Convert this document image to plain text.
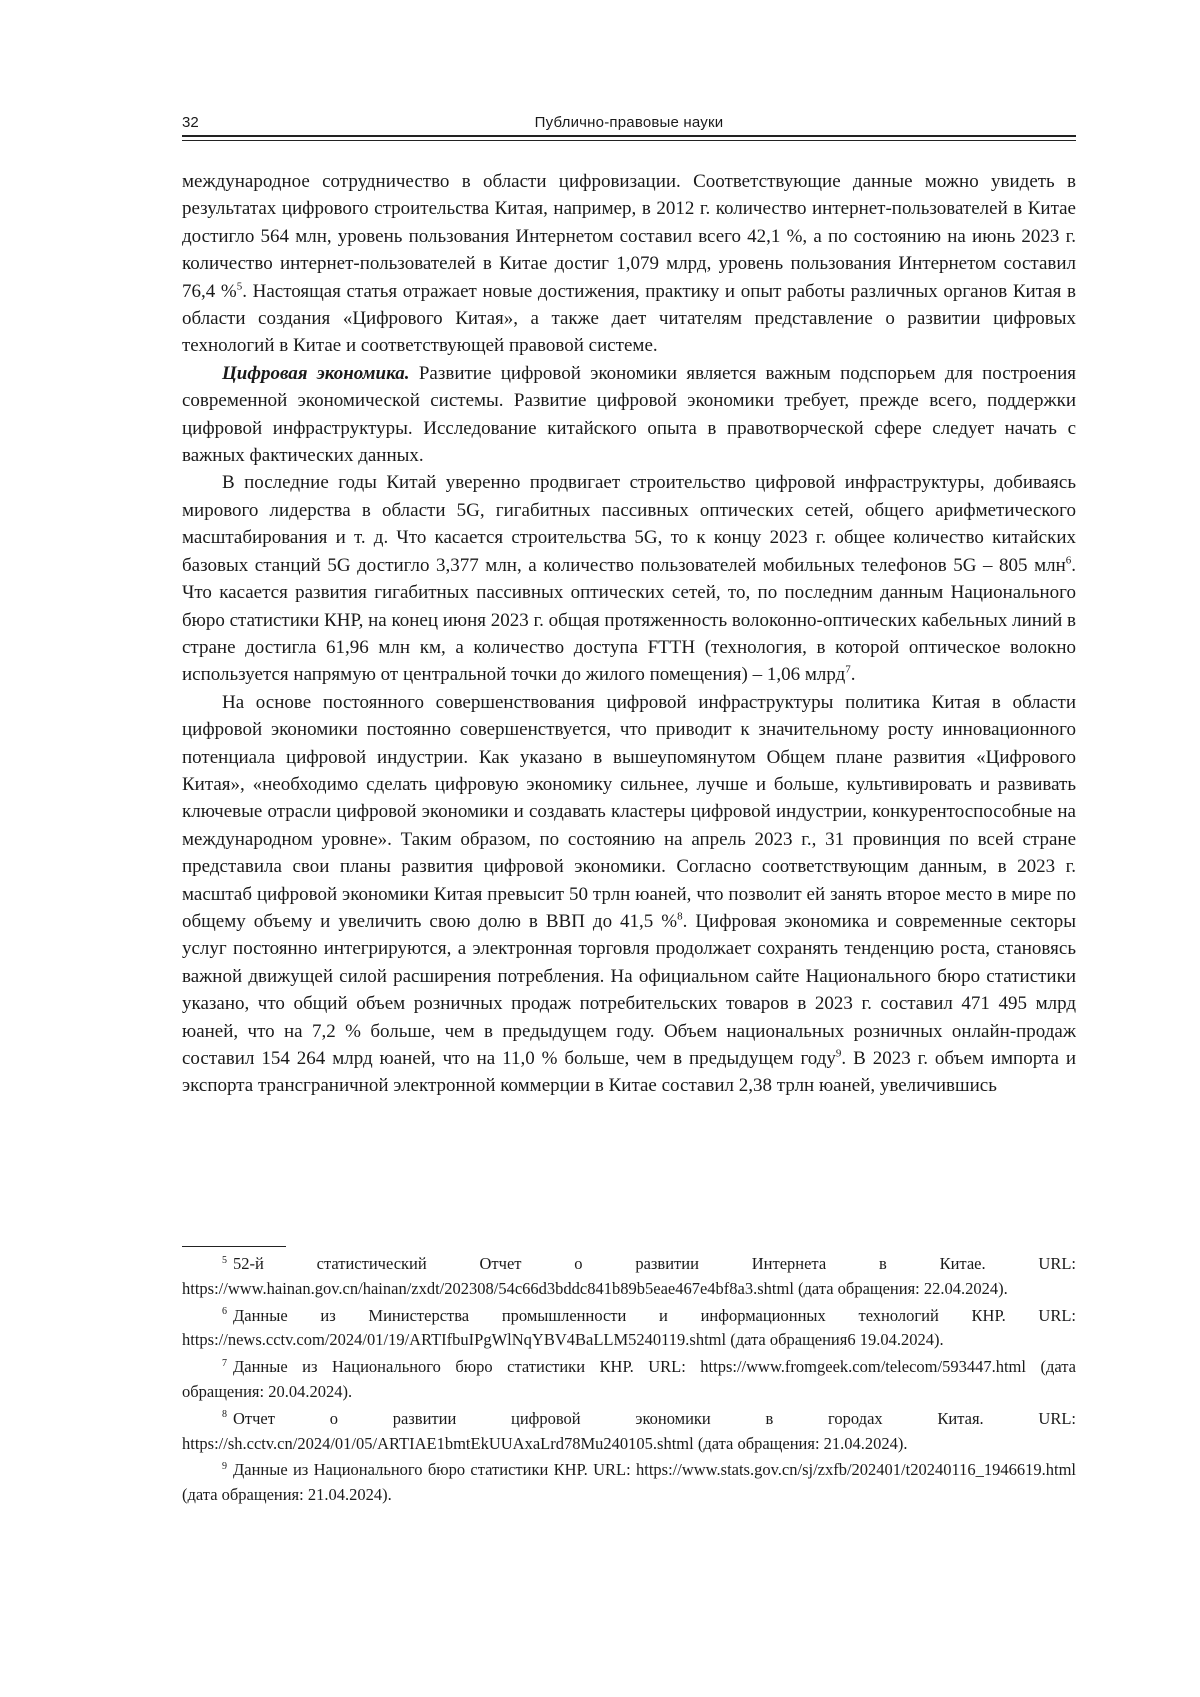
32	Публично-правовые науки

международное сотрудничество в области цифровизации. Соответствующие данные можно увидеть в результатах цифрового строительства Китая, например, в 2012 г. количество интернет-пользователей в Китае достигло 564 млн, уровень пользования Интернетом составил всего 42,1 %, а по состоянию на июнь 2023 г. количество интернет-пользователей в Китае достиг 1,079 млрд, уровень пользования Интернетом составил 76,4 %$^5$. Настоящая статья отражает новые достижения, практику и опыт работы различных органов Китая в области создания «Цифрового Китая», а также дает читателям представление о развитии цифровых технологий в Китае и соответствующей правовой системе.

Цифровая экономика. Развитие цифровой экономики является важным подспорьем для построения современной экономической системы. Развитие цифровой экономики требует, прежде всего, поддержки цифровой инфраструктуры. Исследование китайского опыта в правотворческой сфере следует начать с важных фактических данных.

В последние годы Китай уверенно продвигает строительство цифровой инфраструктуры, добиваясь мирового лидерства в области 5G, гигабитных пассивных оптических сетей, общего арифметического масштабирования и т. д. Что касается строительства 5G, то к концу 2023 г. общее количество китайских базовых станций 5G достигло 3,377 млн, а количество пользователей мобильных телефонов 5G – 805 млн$^6$. Что касается развития гигабитных пассивных оптических сетей, то, по последним данным Национального бюро статистики КНР, на конец июня 2023 г. общая протяженность волоконно-оптических кабельных линий в стране достигла 61,96 млн км, а количество доступа FTTH (технология, в которой оптическое волокно используется напрямую от центральной точки до жилого помещения) – 1,06 млрд$^7$.

На основе постоянного совершенствования цифровой инфраструктуры политика Китая в области цифровой экономики постоянно совершенствуется, что приводит к значительному росту инновационного потенциала цифровой индустрии. Как указано в вышеупомянутом Общем плане развития «Цифрового Китая», «необходимо сделать цифровую экономику сильнее, лучше и больше, культивировать и развивать ключевые отрасли цифровой экономики и создавать кластеры цифровой индустрии, конкурентоспособные на международном уровне». Таким образом, по состоянию на апрель 2023 г., 31 провинция по всей стране представила свои планы развития цифровой экономики. Согласно соответствующим данным, в 2023 г. масштаб цифровой экономики Китая превысит 50 трлн юаней, что позволит ей занять второе место в мире по общему объему и увеличить свою долю в ВВП до 41,5 %$^8$. Цифровая экономика и современные секторы услуг постоянно интегрируются, а электронная торговля продолжает сохранять тенденцию роста, становясь важной движущей силой расширения потребления. На официальном сайте Национального бюро статистики указано, что общий объем розничных продаж потребительских товаров в 2023 г. составил 471 495 млрд юаней, что на 7,2 % больше, чем в предыдущем году. Объем национальных розничных онлайн-продаж составил 154 264 млрд юаней, что на 11,0 % больше, чем в предыдущем году$^9$. В 2023 г. объем импорта и экспорта трансграничной электронной коммерции в Китае составил 2,38 трлн юаней, увеличившись

$^5$ 52-й статистический Отчет о развитии Интернета в Китае. URL: https://www.hainan.gov.cn/hainan/zxdt/202308/54c66d3bddc841b89b5eae467e4bf8a3.shtml (дата обращения: 22.04.2024).

$^6$ Данные из Министерства промышленности и информационных технологий КНР. URL: https://news.cctv.com/2024/01/19/ARTIfbuIPgWlNqYBV4BaLLM5240119.shtml (дата обращения6 19.04.2024).

$^7$ Данные из Национального бюро статистики КНР. URL: https://www.fromgeek.com/telecom/593447.html (дата обращения: 20.04.2024).

$^8$ Отчет о развитии цифровой экономики в городах Китая. URL: https://sh.cctv.cn/2024/01/05/ARTIAE1bmtEkUUAxaLrd78Mu240105.shtml (дата обращения: 21.04.2024).

$^9$ Данные из Национального бюро статистики КНР. URL: https://www.stats.gov.cn/sj/zxfb/202401/t20240116_1946619.html (дата обращения: 21.04.2024).
